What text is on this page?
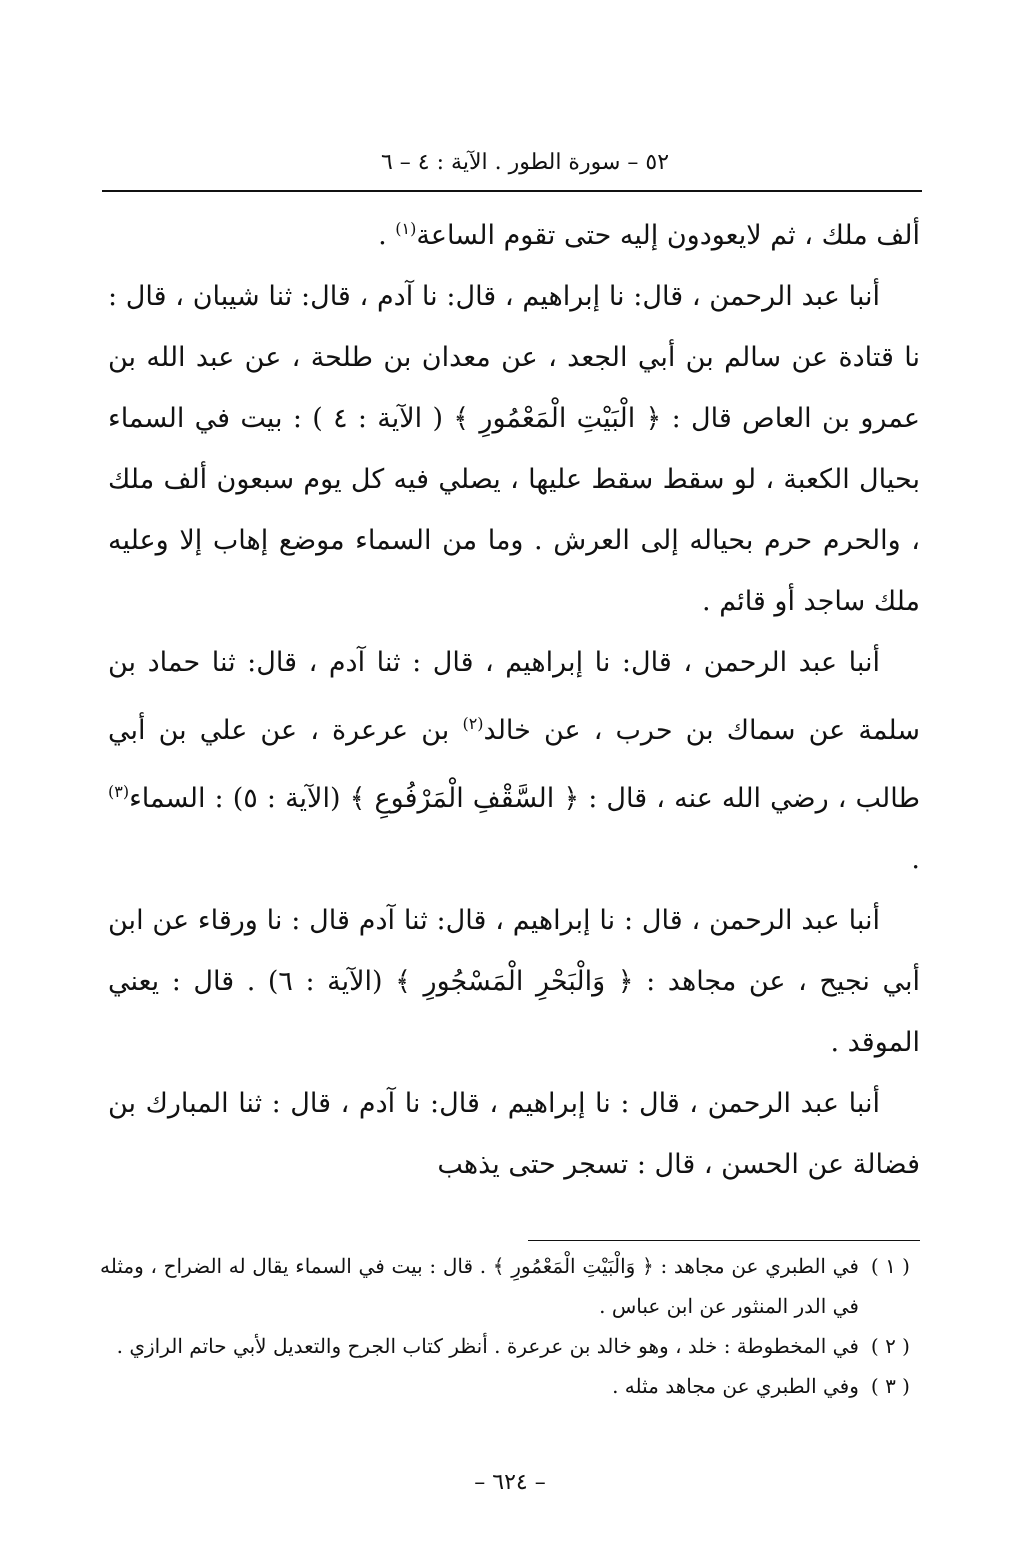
٥٢ – سورة الطور . الآية : ٤ – ٦

ألف ملك ، ثم لايعودون إليه حتى تقوم الساعة$^{(١)}$ .

أنبا عبد الرحمن ، قال: نا إبراهيم ، قال: نا آدم ، قال: ثنا شيبان ، قال : نا قتادة عن سالم بن أبي الجعد ، عن معدان بن طلحة ، عن عبد الله بن عمرو بن العاص قال : ﴿ الْبَيْتِ الْمَعْمُورِ ﴾ ( الآية : ٤ ) : بيت في السماء بحيال الكعبة ، لو سقط سقط عليها ، يصلي فيه كل يوم سبعون ألف ملك ، والحرم حرم بحياله إلى العرش . وما من السماء موضع إهاب إلا وعليه ملك ساجد أو قائم .

أنبا عبد الرحمن ، قال: نا إبراهيم ، قال : ثنا آدم ، قال: ثنا حماد بن سلمة عن سماك بن حرب ، عن خالد$^{(٢)}$ بن عرعرة ، عن علي بن أبي طالب ، رضي الله عنه ، قال : ﴿ السَّقْفِ الْمَرْفُوعِ ﴾ (الآية : ٥) : السماء$^{(٣)}$ .

أنبا عبد الرحمن ، قال : نا إبراهيم ، قال: ثنا آدم قال : نا ورقاء عن ابن أبي نجيح ، عن مجاهد : ﴿ وَالْبَحْرِ الْمَسْجُورِ ﴾ (الآية : ٦) . قال : يعني الموقد .

أنبا عبد الرحمن ، قال : نا إبراهيم ، قال: نا آدم ، قال : ثنا المبارك بن فضالة عن الحسن ، قال : تسجر حتى يذهب

( ١ )
في الطبري عن مجاهد : ﴿ وَالْبَيْتِ الْمَعْمُورِ ﴾ . قال : بيت في السماء يقال له الضراح ، ومثله في الدر المنثور عن ابن عباس .
( ٢ )
في المخطوطة : خلد ، وهو خالد بن عرعرة . أنظر كتاب الجرح والتعديل لأبي حاتم الرازي .
( ٣ )
وفي الطبري عن مجاهد مثله .
– ٦٢٤ –
